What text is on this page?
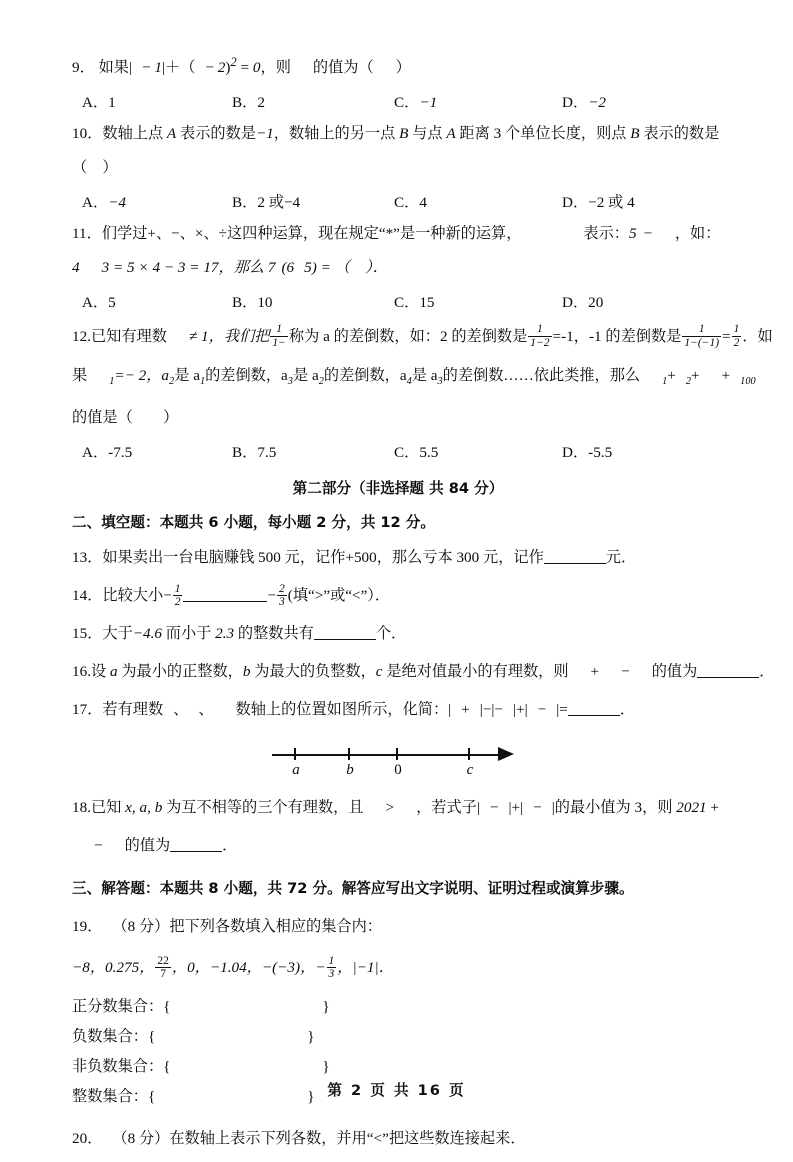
9． 如果| − 1|＋（ − 2)$^2$ = 0，则 的值为（ ）
A．1	B．2	C．−1	D．−2
10．数轴上点 A 表示的数是−1，数轴上的另一点 B 与点 A 距离 3 个单位长度，则点 B 表示的数是
（　）
A．−4	B．2 或−4	C．4	D．−2 或 4
11．们学过+、−、×、÷这四种运算，现在规定“*”是一种新的运算，	表示：5 − ，如：
4 3 = 5 × 4 − 3 = 17，那么 7 (6 5) = （　）．
A．5	B．10	C．15	D．20
12.已知有理数 ≠ 1，我们把 $\frac{1}{1-}$ 称为 a 的差倒数，如：2 的差倒数是 $\frac{1}{1-2} =-1$，-1 的差倒数是 $\frac{1}{1-(-1)} = \frac{1}{2}$ ．如
果 $_1$=− 2，$a_2$是 $a_1$的差倒数，$a_3$是 $a_2$的差倒数，$a_4$是 $a_3$的差倒数……依此类推，那么 $_1$+ $_2$+ + $_{100}$
的值是（　　）
A．-7.5	B．7.5	C．5.5	D．-5.5
第二部分（非选择题 共 84 分）
二、填空题：本题共 6 小题，每小题 2 分，共 12 分。
13．如果卖出一台电脑赚钱 500 元，记作+500，那么亏本 300 元，记作	元．
14．比较大小− $\frac{1}{2}$	− $\frac{2}{3}$ (填“>”或“<”）．
15．大于−4.6 而小于 2.3 的整数共有	个．
16.设 a 为最小的正整数，b 为最大的负整数，c 是绝对值最小的有理数，则 + − 的值为	．
17．若有理数 、 、 数轴上的位置如图所示，化简：| + |−|− |+| − |=	．
a	b	0	c
18.已知 x, a, b 为互不相等的三个有理数，且 > ，若式子| − |+| − |的最小值为 3，则 2021 +
− 的值为	．
三、解答题：本题共 8 小题，共 72 分。解答应写出文字说明、证明过程或演算步骤。
19． （8 分）把下列各数填入相应的集合内：
−8，0.275， $\frac{22}{7}$ ，0，−1.04，−(−3)，− $\frac{1}{3}$ ，|−1|．
正分数集合：{	}
负数集合：{	}
非负数集合：{	}
整数集合：{	}
20． （8 分）在数轴上表示下列各数，并用“<”把这些数连接起来．
第 2 页 共 16 页
